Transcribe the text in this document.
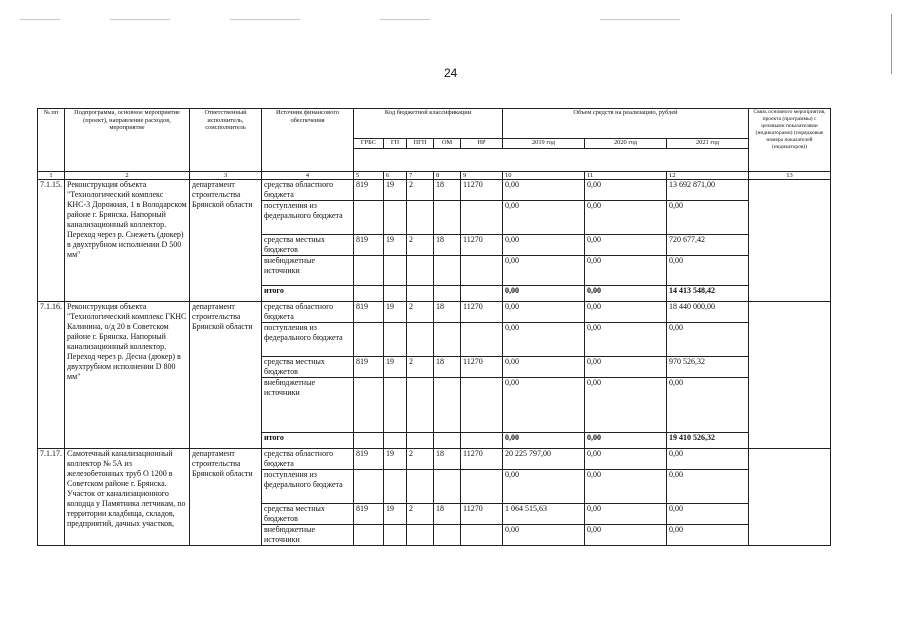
24
№ пп	Подпрограмма, основное мероприятие (проект), направление расходов, мероприятие	Ответственный исполнитель, соисполнитель	Источник финансового обеспечения	Код бюджетной классификации					Объем средств на реализацию, рублей			Связь основного мероприятия, проекта (программы) с целевыми показателями (индикаторами) (порядковые номера показателей (индикаторов))
				ГРБС	ГП	ПГП	ОМ	НР	2019 год	2020 год	2021 год	

1	2	3	4	5	6	7	8	9	10	11	12	13
7.1.15.	Реконструкция объекта "Технологический комплекс КНС-3 Дорожная, 1 в Володарском районе г. Брянска. Напорный канализационный коллектор. Переход через р. Снежеть (дюкер) в двухтрубном исполнении D 500 мм"	департамент строительства Брянской области	средства областного бюджета	819	19	2	18	11270	0,00	0,00	13 692 871,00	
			поступления из федерального бюджета						0,00	0,00	0,00	
			средства местных бюджетов	819	19	2	18	11270	0,00	0,00	720 677,42	
			внебюджетные источники						0,00	0,00	0,00	
			итого						0,00	0,00	14 413 548,42	
7.1.16.	Реконструкция объекта "Технологический комплекс ГКНС Калинина, о/д 20 в Советском районе г. Брянска. Напорный канализационный коллектор. Переход через р. Десна (дюкер) в двухтрубном исполнении D 800 мм"	департамент строительства Брянской области	средства областного бюджета	819	19	2	18	11270	0,00	0,00	18 440 000,00	
			поступления из федерального бюджета						0,00	0,00	0,00	
			средства местных бюджетов	819	19	2	18	11270	0,00	0,00	970 526,32	
			внебюджетные источники						0,00	0,00	0,00	
			итого						0,00	0,00	19 410 526,32	
7.1.17.	Самотечный канализационный коллектор № 5А из железобетонных труб О 1200 в Советском районе г. Брянска. Участок от канализационного колодца у Памятника летчикам, по территории кладбища, складов, предприятий, дачных участков,	департамент строительства Брянской области	средства областного бюджета	819	19	2	18	11270	20 225 797,00	0,00	0,00	
			поступления из федерального бюджета						0,00	0,00	0,00	
			средства местных бюджетов	819	19	2	18	11270	1 064 515,63	0,00	0,00	
			внебюджетные источники						0,00	0,00	0,00	
